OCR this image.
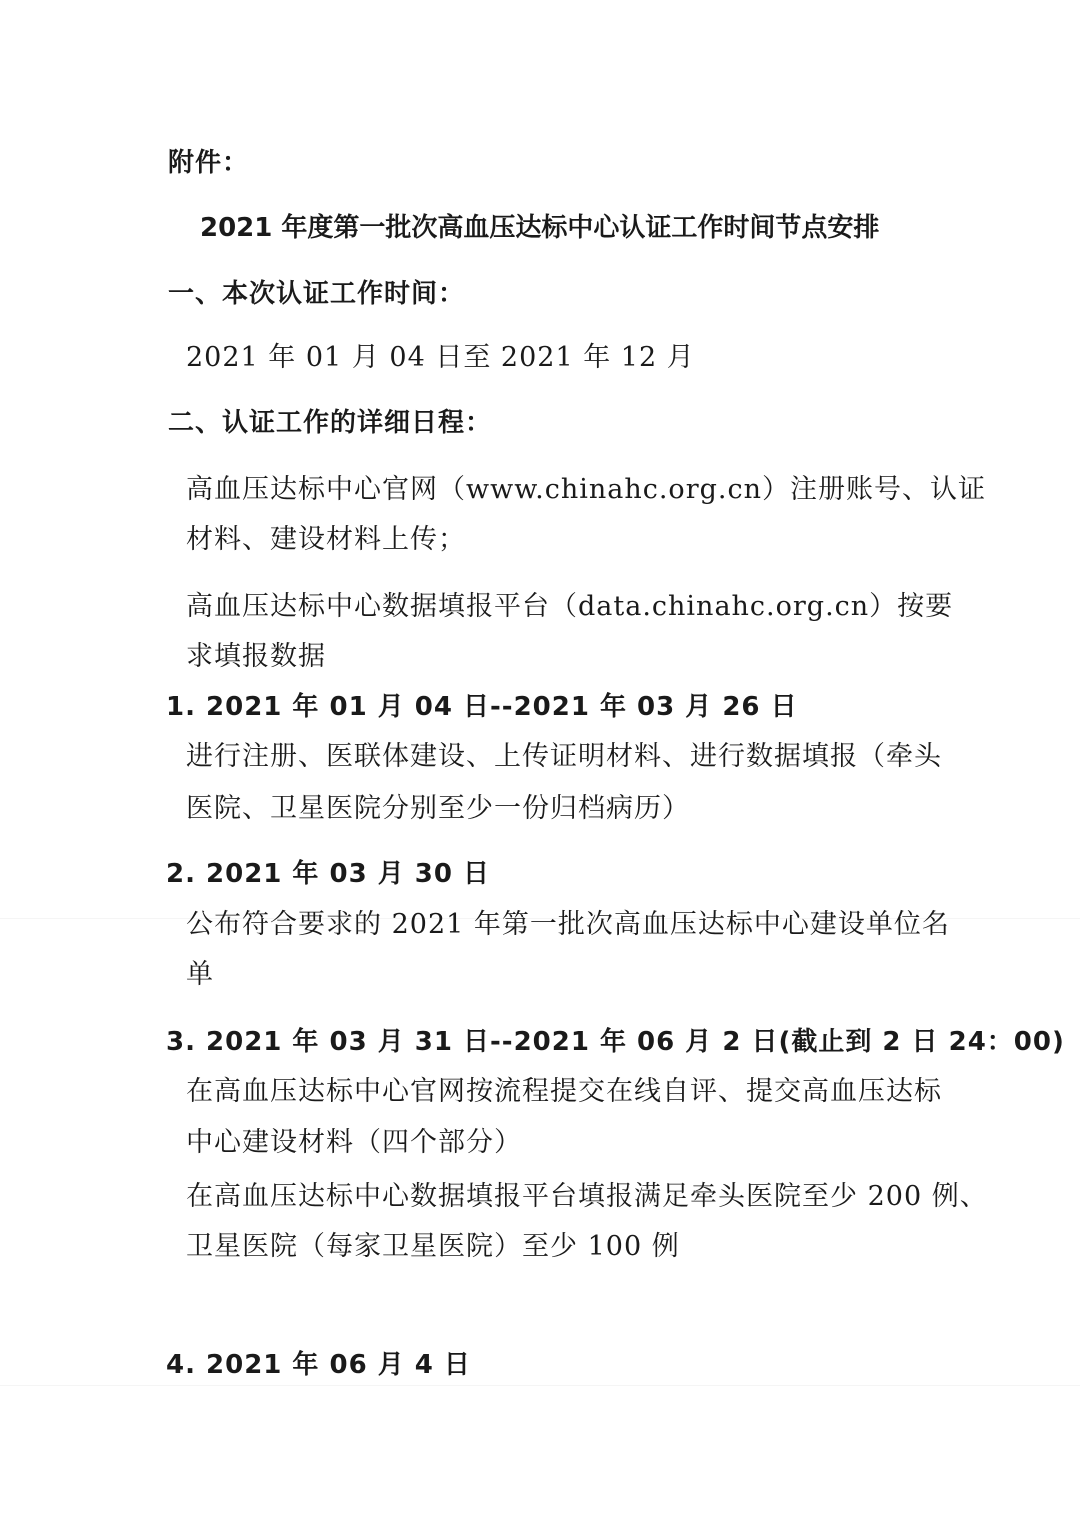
附件：
2021 年度第一批次高血压达标中心认证工作时间节点安排
一、本次认证工作时间：
2021 年 01 月 04 日至 2021 年 12 月
二、认证工作的详细日程：
高血压达标中心官网（www.chinahc.org.cn）注册账号、认证
材料、建设材料上传；
高血压达标中心数据填报平台（data.chinahc.org.cn）按要
求填报数据
1. 2021 年 01 月 04 日--2021 年 03 月 26 日
进行注册、医联体建设、上传证明材料、进行数据填报（牵头
医院、卫星医院分别至少一份归档病历）
2. 2021 年 03 月 30 日
公布符合要求的 2021 年第一批次高血压达标中心建设单位名
单
3. 2021 年 03 月 31 日--2021 年 06 月 2 日(截止到 2 日 24：00)
在高血压达标中心官网按流程提交在线自评、提交高血压达标
中心建设材料（四个部分）
在高血压达标中心数据填报平台填报满足牵头医院至少 200 例、
卫星医院（每家卫星医院）至少 100 例
4. 2021 年 06 月 4 日
